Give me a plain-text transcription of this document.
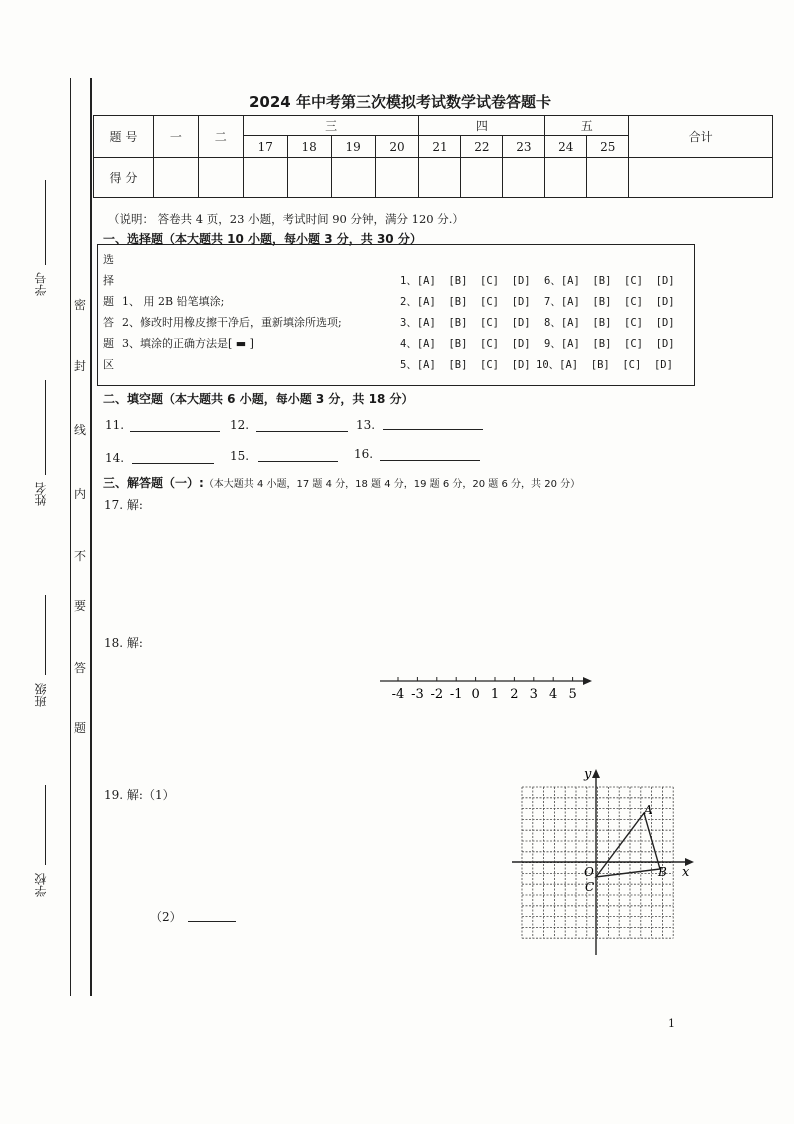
学号
姓名
班级
学校
密
封
线
内
不
要
答
题
2024 年中考第三次模拟考试数学试卷答题卡
题 号	一	二	三				四			五		合计
			17	18	19	20	21	22	23	24	25	
得 分												
（说明： 答卷共 4 页，23 小题，考试时间 90 分钟，满分 120 分.）
一、选择题（本大题共 10 小题，每小题 3 分，共 30 分）
选
择
题
答
题
区
1、 用 2B 铅笔填涂;
2、修改时用橡皮擦干净后，重新填涂所选项;
3、填涂的正确方法是[ ▬ ]
1、[A]  [B]  [C]  [D]
2、[A]  [B]  [C]  [D]
3、[A]  [B]  [C]  [D]
4、[A]  [B]  [C]  [D]
5、[A]  [B]  [C]  [D]
6、[A]  [B]  [C]  [D]
7、[A]  [B]  [C]  [D]
8、[A]  [B]  [C]  [D]
9、[A]  [B]  [C]  [D]
10、[A]  [B]  [C]  [D]
二、填空题（本大题共 6 小题，每小题 3 分，共 18 分）
11.	12.	13.
14.	15.	16.
三、解答题（一）:（本大题共 4 小题，17 题 4 分，18 题 4 分，19 题 6 分，20 题 6 分，共 20 分）
17. 解:
18. 解:
-4 -3 -2 -1 0 1 2 3 4 5
19. 解:（1）
（2）
y
x
O
A
B
C
1
